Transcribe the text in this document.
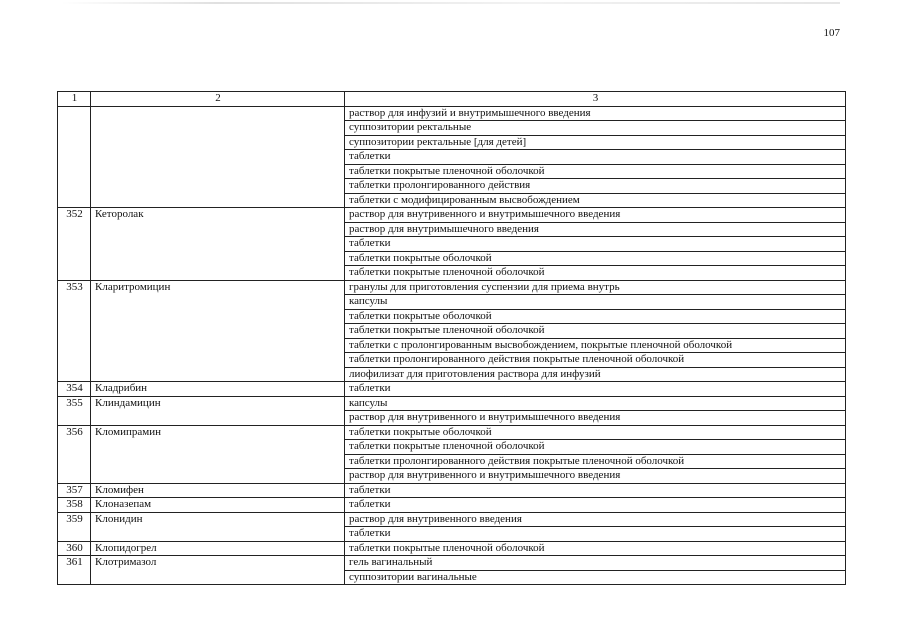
107
1	2	3
		раствор для инфузий и внутримышечного введения
		суппозитории ректальные
		суппозитории ректальные [для детей]
		таблетки
		таблетки покрытые пленочной оболочкой
		таблетки пролонгированного действия
		таблетки с модифицированным высвобождением
352	Кеторолак	раствор для внутривенного и внутримышечного введения
		раствор для внутримышечного введения
		таблетки
		таблетки покрытые оболочкой
		таблетки покрытые пленочной оболочкой
353	Кларитромицин	гранулы для приготовления суспензии для приема внутрь
		капсулы
		таблетки покрытые оболочкой
		таблетки покрытые пленочной оболочкой
		таблетки с пролонгированным высвобождением, покрытые пленочной оболочкой
		таблетки пролонгированного действия покрытые пленочной оболочкой
		лиофилизат для приготовления раствора для инфузий
354	Кладрибин	таблетки
355	Клиндамицин	капсулы
		раствор для внутривенного и внутримышечного введения
356	Кломипрамин	таблетки покрытые оболочкой
		таблетки покрытые пленочной оболочкой
		таблетки пролонгированного действия покрытые пленочной оболочкой
		раствор для внутривенного и внутримышечного введения
357	Кломифен	таблетки
358	Клоназепам	таблетки
359	Клонидин	раствор для внутривенного введения
		таблетки
360	Клопидогрел	таблетки покрытые пленочной оболочкой
361	Клотримазол	гель вагинальный
		суппозитории вагинальные
